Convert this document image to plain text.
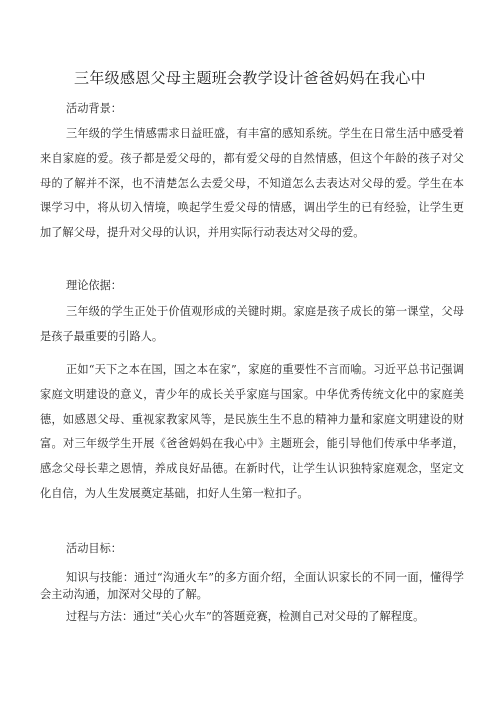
三年级感恩父母主题班会教学设计爸爸妈妈在我心中
活动背景：

三年级的学生情感需求日益旺盛，有丰富的感知系统。学生在日常生活中感受着来自家庭的爱。孩子都是爱父母的，都有爱父母的自然情感，但这个年龄的孩子对父母的了解并不深，也不清楚怎么去爱父母，不知道怎么去表达对父母的爱。学生在本课学习中，将从切入情境，唤起学生爱父母的情感，调出学生的已有经验，让学生更加了解父母，提升对父母的认识，并用实际行动表达对父母的爱。

理论依据：

三年级的学生正处于价值观形成的关键时期。家庭是孩子成长的第一课堂，父母是孩子最重要的引路人。

正如“天下之本在国，国之本在家”，家庭的重要性不言而喻。习近平总书记强调家庭文明建设的意义，青少年的成长关乎家庭与国家。中华优秀传统文化中的家庭美德，如感恩父母、重视家教家风等，是民族生生不息的精神力量和家庭文明建设的财富。对三年级学生开展《爸爸妈妈在我心中》主题班会，能引导他们传承中华孝道，感念父母长辈之恩情，养成良好品德。在新时代，让学生认识独特家庭观念，坚定文化自信，为人生发展奠定基础，扣好人生第一粒扣子。

活动目标：

知识与技能：通过“沟通火车”的多方面介绍，全面认识家长的不同一面，懂得学会主动沟通，加深对父母的了解。

过程与方法：通过“关心火车”的答题竞赛，检测自己对父母的了解程度。
